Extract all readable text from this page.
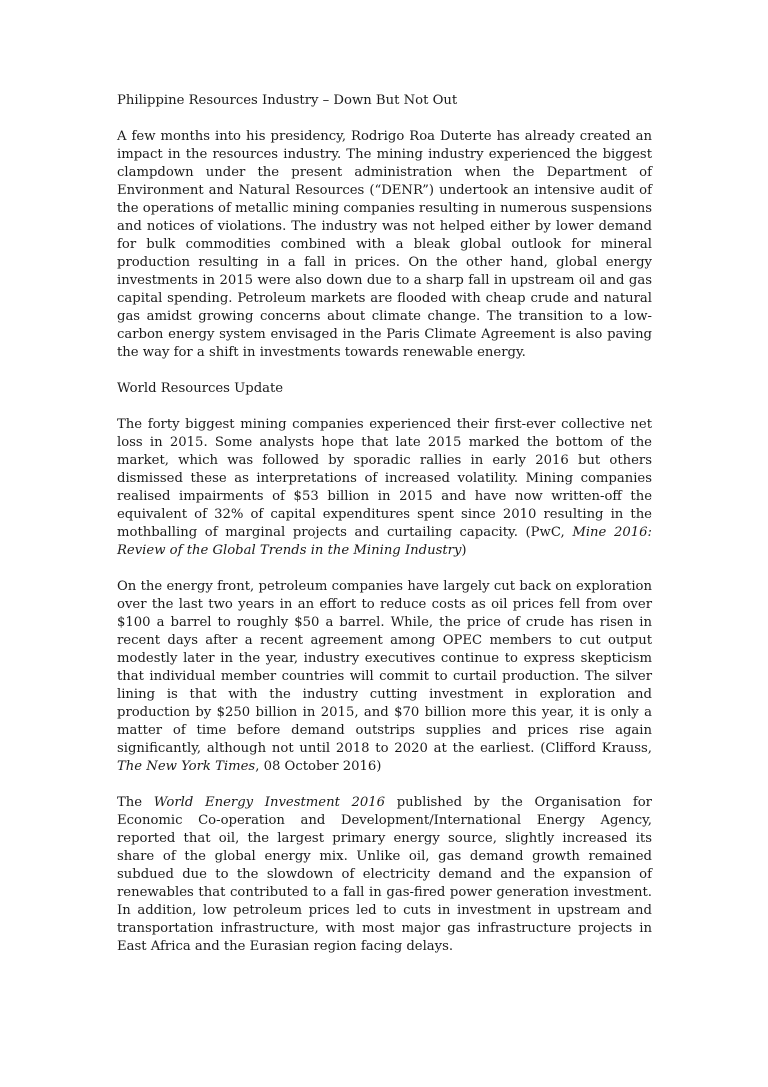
Philippine Resources Industry – Down But Not Out

A few months into his presidency, Rodrigo Roa Duterte has already created an impact in the resources industry. The mining industry experienced the biggest clampdown under the present administration when the Department of Environment and Natural Resources (“DENR”) undertook an intensive audit of the operations of metallic mining companies resulting in numerous suspensions and notices of violations. The industry was not helped either by lower demand for bulk commodities combined with a bleak global outlook for mineral production resulting in a fall in prices. On the other hand, global energy investments in 2015 were also down due to a sharp fall in upstream oil and gas capital spending. Petroleum markets are flooded with cheap crude and natural gas amidst growing concerns about climate change. The transition to a low-carbon energy system envisaged in the Paris Climate Agreement is also paving the way for a shift in investments towards renewable energy.

World Resources Update

The forty biggest mining companies experienced their first-ever collective net loss in 2015. Some analysts hope that late 2015 marked the bottom of the market, which was followed by sporadic rallies in early 2016 but others dismissed these as interpretations of increased volatility. Mining companies realised impairments of $53 billion in 2015 and have now written-off the equivalent of 32% of capital expenditures spent since 2010 resulting in the mothballing of marginal projects and curtailing capacity. (PwC, Mine 2016: Review of the Global Trends in the Mining Industry)

On the energy front, petroleum companies have largely cut back on exploration over the last two years in an effort to reduce costs as oil prices fell from over $100 a barrel to roughly $50 a barrel. While, the price of crude has risen in recent days after a recent agreement among OPEC members to cut output modestly later in the year, industry executives continue to express skepticism that individual member countries will commit to curtail production. The silver lining is that with the industry cutting investment in exploration and production by $250 billion in 2015, and $70 billion more this year, it is only a matter of time before demand outstrips supplies and prices rise again significantly, although not until 2018 to 2020 at the earliest. (Clifford Krauss, The New York Times, 08 October 2016)

The World Energy Investment 2016 published by the Organisation for Economic Co-operation and Development/International Energy Agency, reported that oil, the largest primary energy source, slightly increased its share of the global energy mix. Unlike oil, gas demand growth remained subdued due to the slowdown of electricity demand and the expansion of renewables that contributed to a fall in gas-fired power generation investment. In addition, low petroleum prices led to cuts in investment in upstream and transportation infrastructure, with most major gas infrastructure projects in East Africa and the Eurasian region facing delays.
